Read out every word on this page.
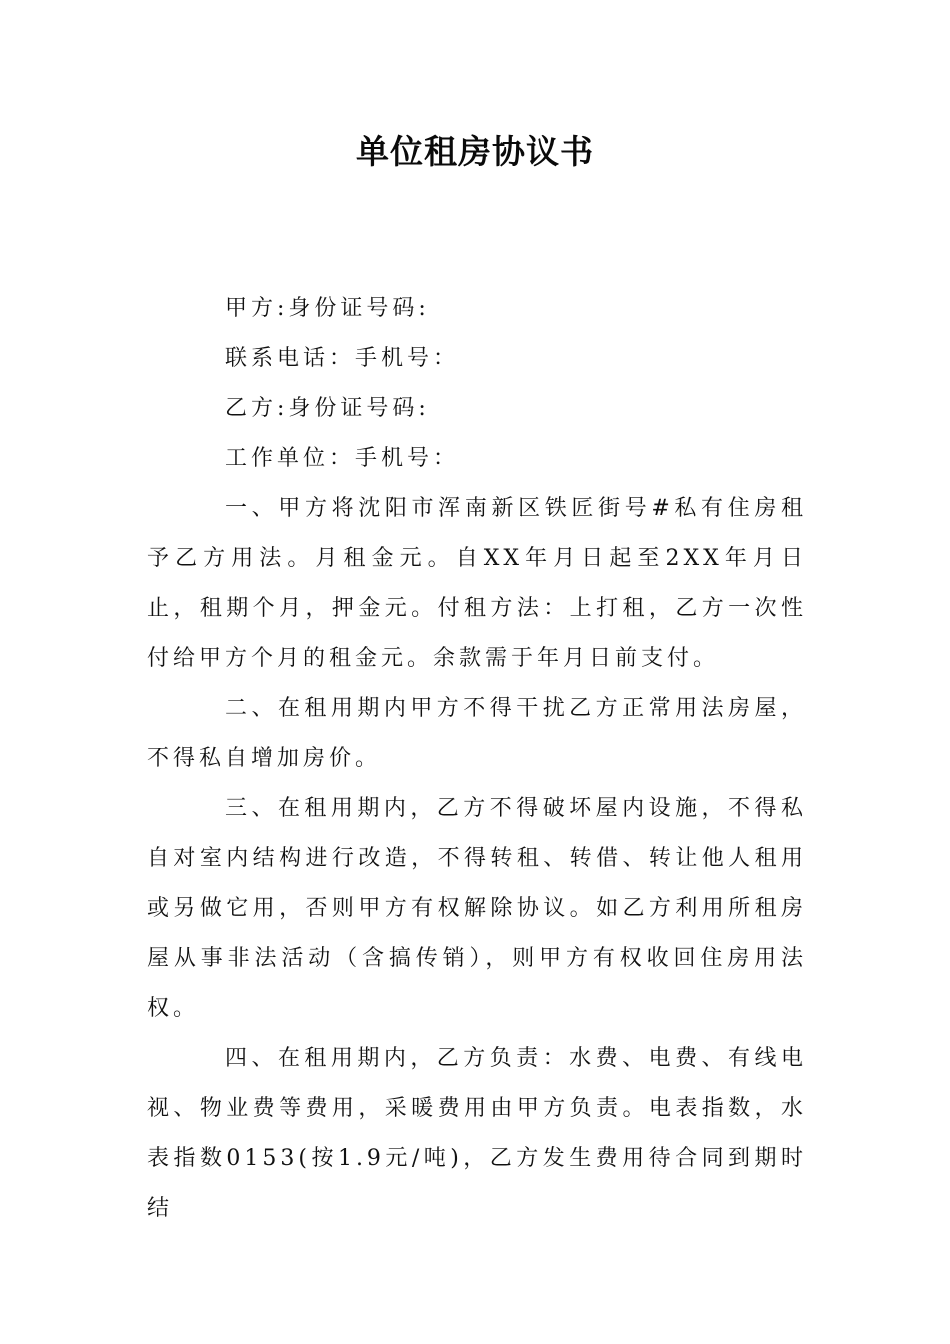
单位租房协议书

甲方:身份证号码:

联系电话：手机号：

乙方:身份证号码:

工作单位：手机号：

一、甲方将沈阳市浑南新区铁匠街号#私有住房租予乙方用法。月租金元。自XX年月日起至2XX年月日止，租期个月，押金元。付租方法：上打租，乙方一次性付给甲方个月的租金元。余款需于年月日前支付。

二、在租用期内甲方不得干扰乙方正常用法房屋，不得私自增加房价。

三、在租用期内，乙方不得破坏屋内设施，不得私自对室内结构进行改造，不得转租、转借、转让他人租用或另做它用，否则甲方有权解除协议。如乙方利用所租房屋从事非法活动（含搞传销），则甲方有权收回住房用法权。

四、在租用期内，乙方负责：水费、电费、有线电视、物业费等费用，采暖费用由甲方负责。电表指数，水表指数0153(按1.9元/吨)，乙方发生费用待合同到期时结
